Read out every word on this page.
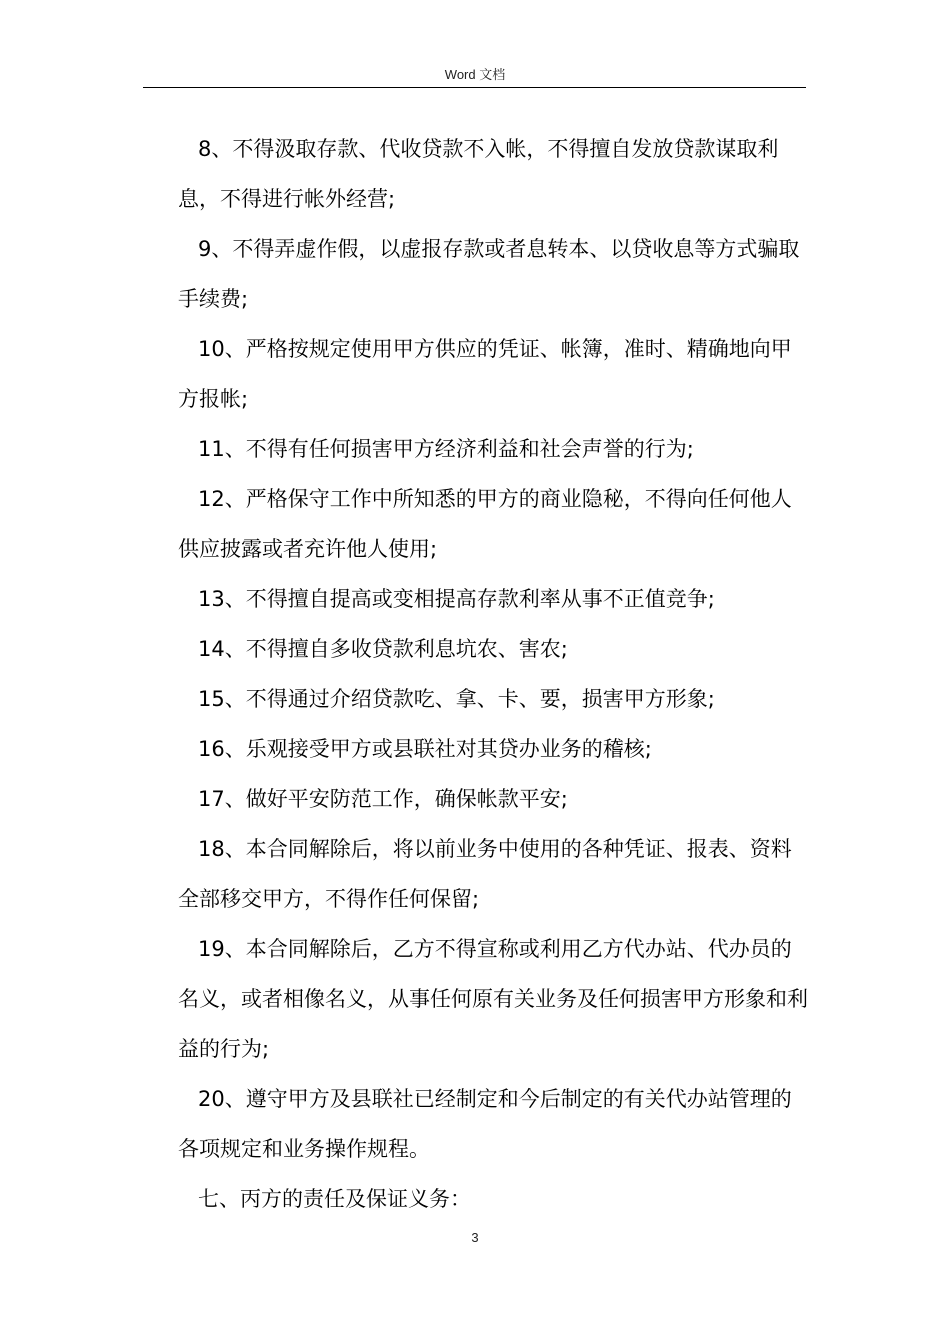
Word 文档

8、不得汲取存款、代收贷款不入帐，不得擅自发放贷款谋取利息，不得进行帐外经营;

9、不得弄虚作假，以虚报存款或者息转本、以贷收息等方式骗取手续费;

10、严格按规定使用甲方供应的凭证、帐簿，准时、精确地向甲方报帐;

11、不得有任何损害甲方经济利益和社会声誉的行为;

12、严格保守工作中所知悉的甲方的商业隐秘，不得向任何他人供应披露或者充许他人使用;

13、不得擅自提高或变相提高存款利率从事不正值竞争;

14、不得擅自多收贷款利息坑农、害农;

15、不得通过介绍贷款吃、拿、卡、要，损害甲方形象;

16、乐观接受甲方或县联社对其贷办业务的稽核;

17、做好平安防范工作，确保帐款平安;

18、本合同解除后，将以前业务中使用的各种凭证、报表、资料全部移交甲方，不得作任何保留;

19、本合同解除后，乙方不得宣称或利用乙方代办站、代办员的名义，或者相像名义，从事任何原有关业务及任何损害甲方形象和利益的行为;

20、遵守甲方及县联社已经制定和今后制定的有关代办站管理的各项规定和业务操作规程。

七、丙方的责任及保证义务：

3
